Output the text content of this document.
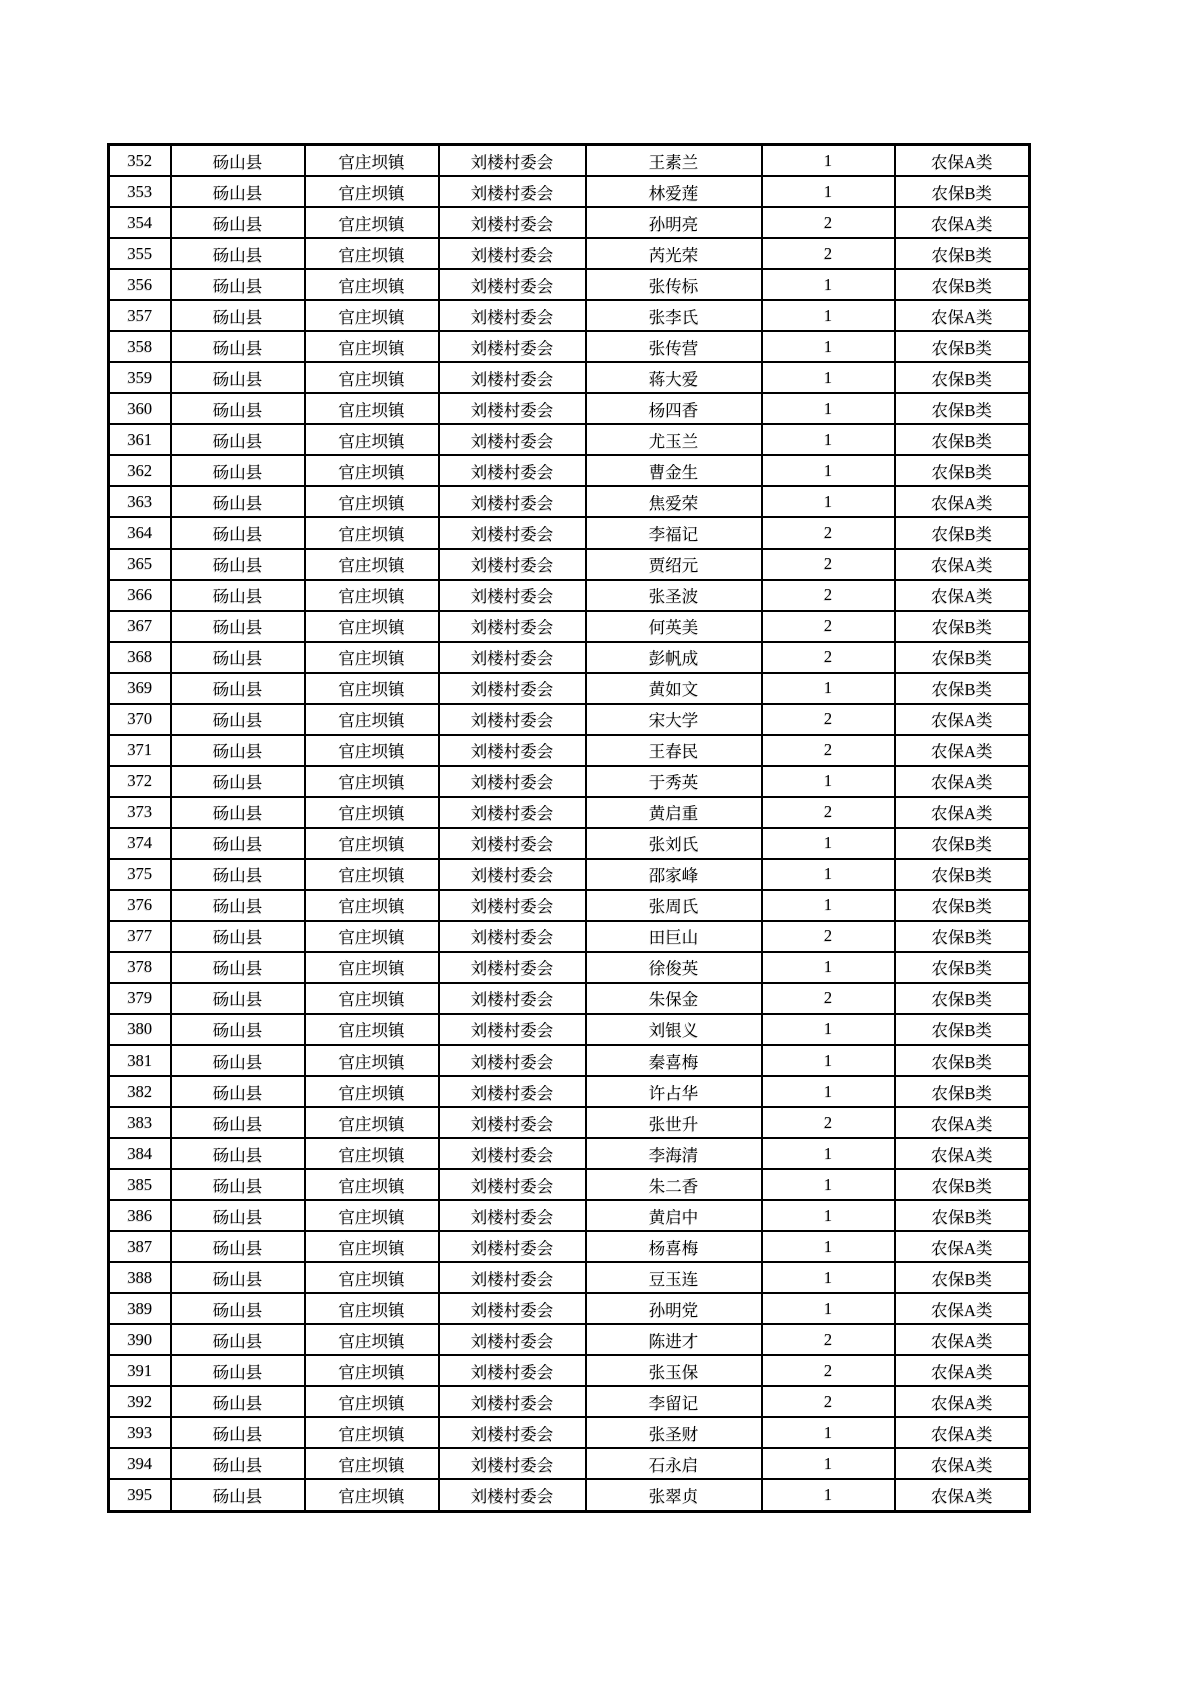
352	砀山县	官庄坝镇	刘楼村委会	王素兰	1	农保A类
353	砀山县	官庄坝镇	刘楼村委会	林爱莲	1	农保B类
354	砀山县	官庄坝镇	刘楼村委会	孙明亮	2	农保A类
355	砀山县	官庄坝镇	刘楼村委会	芮光荣	2	农保B类
356	砀山县	官庄坝镇	刘楼村委会	张传标	1	农保B类
357	砀山县	官庄坝镇	刘楼村委会	张李氏	1	农保A类
358	砀山县	官庄坝镇	刘楼村委会	张传营	1	农保B类
359	砀山县	官庄坝镇	刘楼村委会	蒋大爱	1	农保B类
360	砀山县	官庄坝镇	刘楼村委会	杨四香	1	农保B类
361	砀山县	官庄坝镇	刘楼村委会	尤玉兰	1	农保B类
362	砀山县	官庄坝镇	刘楼村委会	曹金生	1	农保B类
363	砀山县	官庄坝镇	刘楼村委会	焦爱荣	1	农保A类
364	砀山县	官庄坝镇	刘楼村委会	李福记	2	农保B类
365	砀山县	官庄坝镇	刘楼村委会	贾绍元	2	农保A类
366	砀山县	官庄坝镇	刘楼村委会	张圣波	2	农保A类
367	砀山县	官庄坝镇	刘楼村委会	何英美	2	农保B类
368	砀山县	官庄坝镇	刘楼村委会	彭帆成	2	农保B类
369	砀山县	官庄坝镇	刘楼村委会	黄如文	1	农保B类
370	砀山县	官庄坝镇	刘楼村委会	宋大学	2	农保A类
371	砀山县	官庄坝镇	刘楼村委会	王春民	2	农保A类
372	砀山县	官庄坝镇	刘楼村委会	于秀英	1	农保A类
373	砀山县	官庄坝镇	刘楼村委会	黄启重	2	农保A类
374	砀山县	官庄坝镇	刘楼村委会	张刘氏	1	农保B类
375	砀山县	官庄坝镇	刘楼村委会	邵家峰	1	农保B类
376	砀山县	官庄坝镇	刘楼村委会	张周氏	1	农保B类
377	砀山县	官庄坝镇	刘楼村委会	田巨山	2	农保B类
378	砀山县	官庄坝镇	刘楼村委会	徐俊英	1	农保B类
379	砀山县	官庄坝镇	刘楼村委会	朱保金	2	农保B类
380	砀山县	官庄坝镇	刘楼村委会	刘银义	1	农保B类
381	砀山县	官庄坝镇	刘楼村委会	秦喜梅	1	农保B类
382	砀山县	官庄坝镇	刘楼村委会	许占华	1	农保B类
383	砀山县	官庄坝镇	刘楼村委会	张世升	2	农保A类
384	砀山县	官庄坝镇	刘楼村委会	李海清	1	农保A类
385	砀山县	官庄坝镇	刘楼村委会	朱二香	1	农保B类
386	砀山县	官庄坝镇	刘楼村委会	黄启中	1	农保B类
387	砀山县	官庄坝镇	刘楼村委会	杨喜梅	1	农保A类
388	砀山县	官庄坝镇	刘楼村委会	豆玉连	1	农保B类
389	砀山县	官庄坝镇	刘楼村委会	孙明党	1	农保A类
390	砀山县	官庄坝镇	刘楼村委会	陈进才	2	农保A类
391	砀山县	官庄坝镇	刘楼村委会	张玉保	2	农保A类
392	砀山县	官庄坝镇	刘楼村委会	李留记	2	农保A类
393	砀山县	官庄坝镇	刘楼村委会	张圣财	1	农保A类
394	砀山县	官庄坝镇	刘楼村委会	石永启	1	农保A类
395	砀山县	官庄坝镇	刘楼村委会	张翠贞	1	农保A类
